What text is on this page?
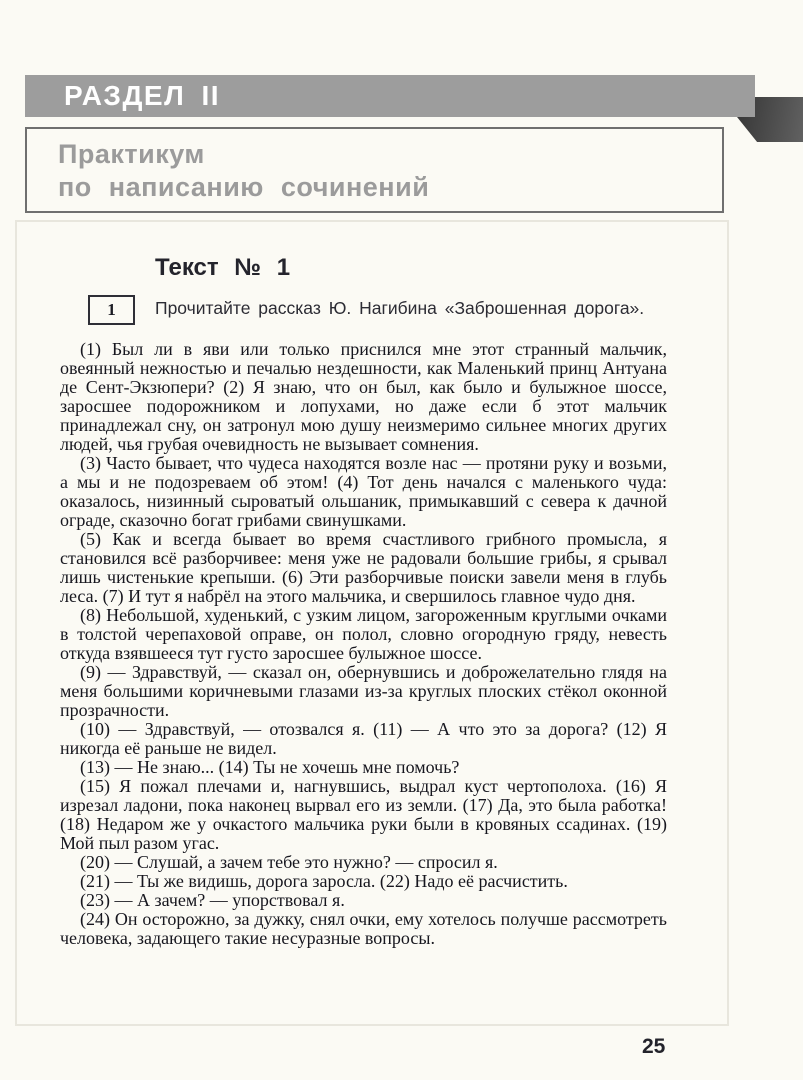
РАЗДЕЛ II
Практикум
по написанию сочинений
Текст № 1
1 Прочитайте рассказ Ю. Нагибина «Заброшенная дорога».

(1) Был ли в яви или только приснился мне этот странный мальчик, овеянный нежностью и печалью нездешности, как Маленький принц Антуана де Сент-Экзюпери? (2) Я знаю, что он был, как было и булыжное шоссе, заросшее подорожником и лопухами, но даже если б этот мальчик принадлежал сну, он затронул мою душу неизмеримо сильнее многих других людей, чья грубая очевидность не вызывает сомнения.

(3) Часто бывает, что чудеса находятся возле нас — протяни руку и возьми, а мы и не подозреваем об этом! (4) Тот день начался с маленького чуда: оказалось, низинный сыроватый ольшаник, примыкавший с севера к дачной ограде, сказочно богат грибами свинушками.

(5) Как и всегда бывает во время счастливого грибного промысла, я становился всё разборчивее: меня уже не радовали большие грибы, я срывал лишь чистенькие крепыши. (6) Эти разборчивые поиски завели меня в глубь леса. (7) И тут я набрёл на этого мальчика, и свершилось главное чудо дня.

(8) Небольшой, худенький, с узким лицом, загороженным круглыми очками в толстой черепаховой оправе, он полол, словно огородную гряду, невесть откуда взявшееся тут густо заросшее булыжное шоссе.

(9) — Здравствуй, — сказал он, обернувшись и доброжелательно глядя на меня большими коричневыми глазами из-за круглых плоских стёкол оконной прозрачности.

(10) — Здравствуй, — отозвался я. (11) — А что это за дорога? (12) Я никогда её раньше не видел.

(13) — Не знаю... (14) Ты не хочешь мне помочь?

(15) Я пожал плечами и, нагнувшись, выдрал куст чертополоха. (16) Я изрезал ладони, пока наконец вырвал его из земли. (17) Да, это была работка! (18) Недаром же у очкастого мальчика руки были в кровяных ссадинах. (19) Мой пыл разом угас.

(20) — Слушай, а зачем тебе это нужно? — спросил я.

(21) — Ты же видишь, дорога заросла. (22) Надо её расчистить.

(23) — А зачем? — упорствовал я.

(24) Он осторожно, за дужку, снял очки, ему хотелось получше рассмотреть человека, задающего такие несуразные вопросы.

25
